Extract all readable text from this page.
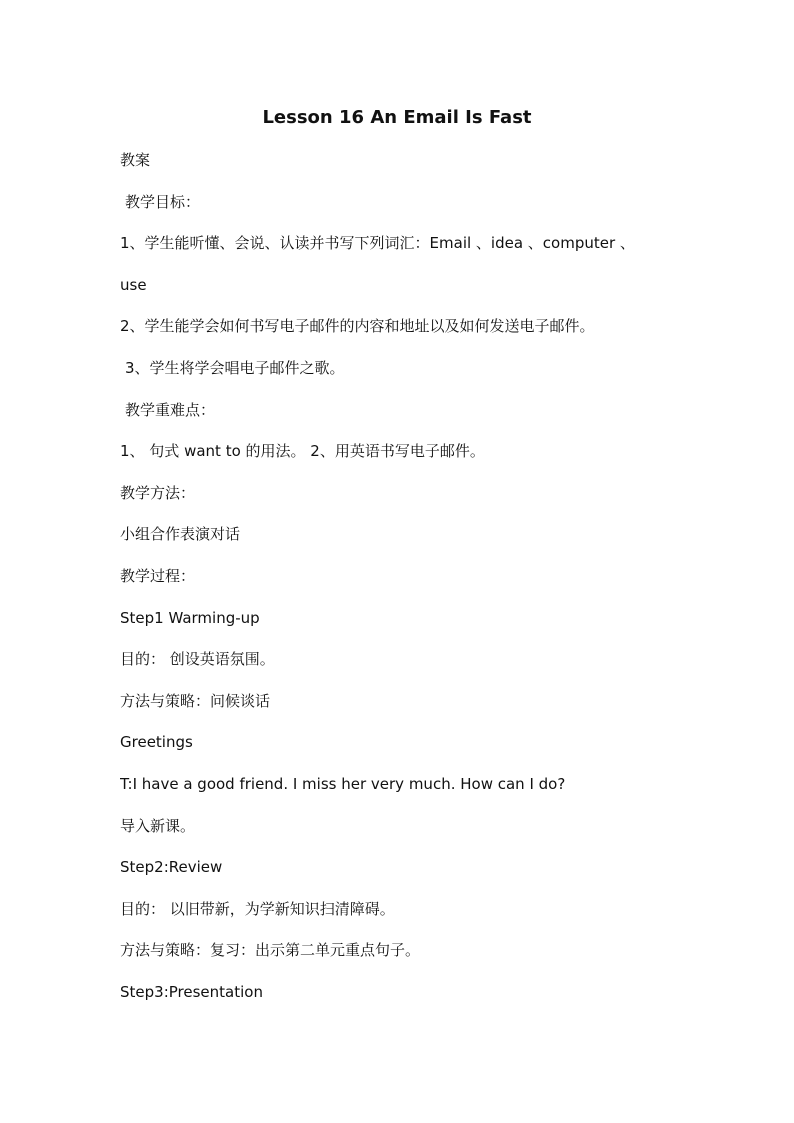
Lesson 16 An Email Is Fast
教案
教学目标：
1、学生能听懂、会说、认读并书写下列词汇：Email 、idea 、computer 、
use
2、学生能学会如何书写电子邮件的内容和地址以及如何发送电子邮件。
3、学生将学会唱电子邮件之歌。
教学重难点：
1、 句式 want to 的用法。 2、用英语书写电子邮件。
教学方法：
小组合作表演对话
教学过程：
Step1 Warming-up
目的： 创设英语氛围。
方法与策略：问候谈话
Greetings
T:I have a good friend. I miss her very much. How can I do?
导入新课。
Step2:Review
目的： 以旧带新，为学新知识扫清障碍。
方法与策略：复习：出示第二单元重点句子。
Step3:Presentation
